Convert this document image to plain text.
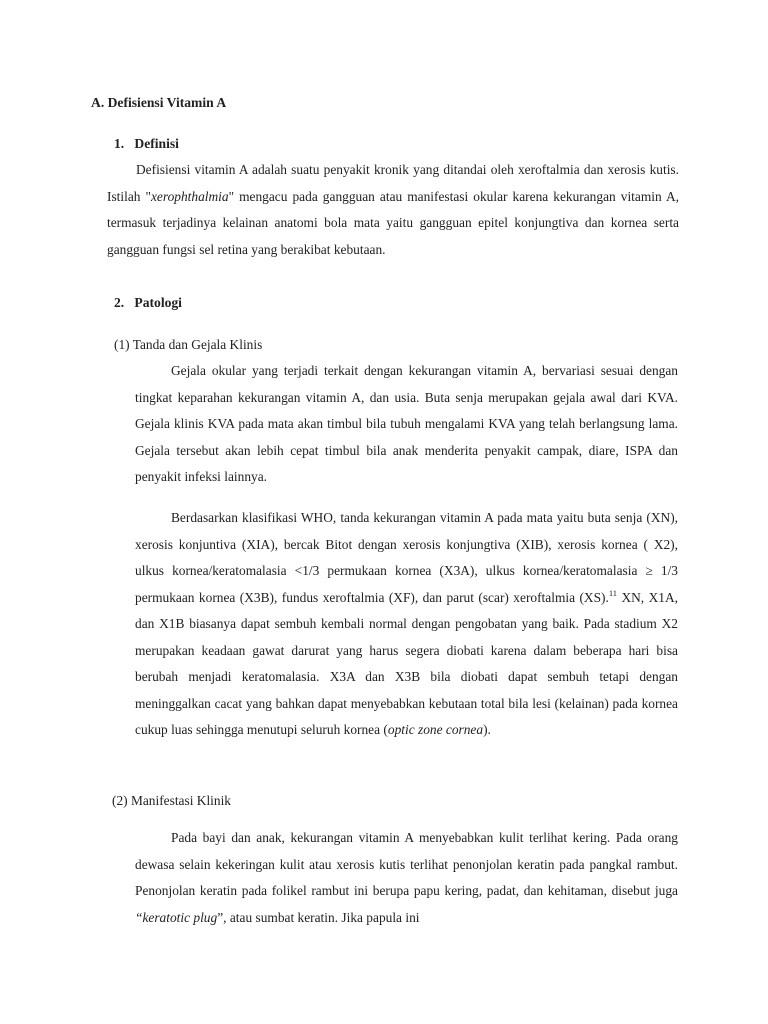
A. Defisiensi Vitamin A
1.   Definisi

Defisiensi vitamin A adalah suatu penyakit kronik yang ditandai oleh xeroftalmia dan xerosis kutis. Istilah "xerophthalmia" mengacu pada gangguan atau manifestasi okular karena kekurangan vitamin A, termasuk terjadinya kelainan anatomi bola mata yaitu gangguan epitel konjungtiva dan kornea serta gangguan fungsi sel retina yang berakibat kebutaan.

2.   Patologi
(1) Tanda dan Gejala Klinis

Gejala okular yang terjadi terkait dengan kekurangan vitamin A, bervariasi sesuai dengan tingkat keparahan kekurangan vitamin A, dan usia. Buta senja merupakan gejala awal dari KVA. Gejala klinis KVA pada mata akan timbul bila tubuh mengalami KVA yang telah berlangsung lama. Gejala tersebut akan lebih cepat timbul bila anak menderita penyakit campak, diare, ISPA dan penyakit infeksi lainnya.

Berdasarkan klasifikasi WHO, tanda kekurangan vitamin A pada mata yaitu buta senja (XN), xerosis konjuntiva (XIA), bercak Bitot dengan xerosis konjungtiva (XIB), xerosis kornea ( X2), ulkus kornea/keratomalasia <1/3 permukaan kornea (X3A), ulkus kornea/keratomalasia ≥ 1/3 permukaan kornea (X3B), fundus xeroftalmia (XF), dan parut (scar) xeroftalmia (XS).$^{11}$ XN, X1A, dan X1B biasanya dapat sembuh kembali normal dengan pengobatan yang baik. Pada stadium X2 merupakan keadaan gawat darurat yang harus segera diobati karena dalam beberapa hari bisa berubah menjadi keratomalasia. X3A dan X3B bila diobati dapat sembuh tetapi dengan meninggalkan cacat yang bahkan dapat menyebabkan kebutaan total bila lesi (kelainan) pada kornea cukup luas sehingga menutupi seluruh kornea (optic zone cornea).

(2) Manifestasi Klinik

Pada bayi dan anak, kekurangan vitamin A menyebabkan kulit terlihat kering. Pada orang dewasa selain kekeringan kulit atau xerosis kutis terlihat penonjolan keratin pada pangkal rambut. Penonjolan keratin pada folikel rambut ini berupa papu kering, padat, dan kehitaman, disebut juga “keratotic plug”, atau sumbat keratin. Jika papula ini
